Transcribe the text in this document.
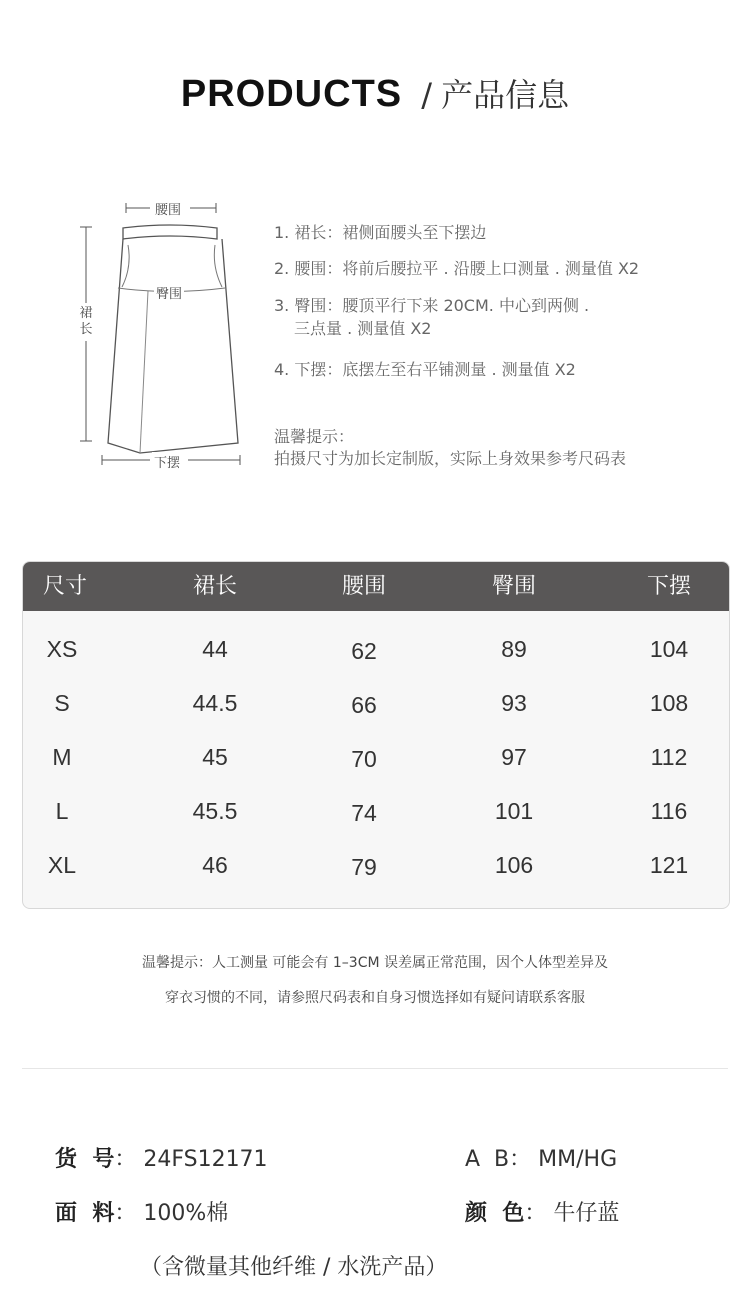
PRODUCTS / 产品信息
腰围
臀围
裙
长
下摆
1. 裙长：裙侧面腰头至下摆边
2. 腰围：将前后腰拉平 . 沿腰上口测量 . 测量值 X2
3. 臀围：腰顶平行下来 20CM. 中心到两侧 .
三点量 . 测量值 X2
4. 下摆：底摆左至右平铺测量 . 测量值 X2
温馨提示：
拍摄尺寸为加长定制版，实际上身效果参考尺码表
尺寸	裙长	腰围	臀围	下摆
XS	44	62	89	104
S	44.5	66	93	108
M	45	70	97	112
L	45.5	74	101	116
XL	46	79	106	121
温馨提示：人工测量 可能会有 1–3CM 误差属正常范围，因个人体型差异及
穿衣习惯的不同，请参照尺码表和自身习惯选择如有疑问请联系客服
货  号： 24FS12171	A  B： MM/HG
面  料： 100%棉	颜  色： 牛仔蓝
（含微量其他纤维 / 水洗产品）
